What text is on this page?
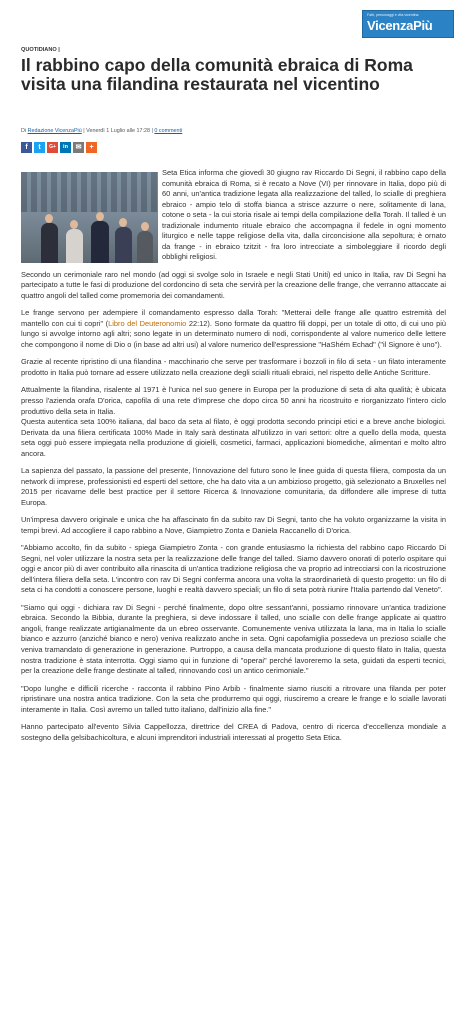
Fatti, personaggi e vita vicentina
VicenzaPiù
QUOTIDIANO |
Il rabbino capo della comunità ebraica di Roma visita una filandina restaurata nel vicentino
Di Redazione VicenzaPiù | Venerdì 1 Luglio alle 17:28 | 0 commenti
f	t	G+	in	✉	+

Seta Etica informa che giovedì 30 giugno rav Riccardo Di Segni, il rabbino capo della comunità ebraica di Roma, si è recato a Nove (VI) per rinnovare in Italia, dopo più di 60 anni, un'antica tradizione legata alla realizzazione del talled, lo scialle di preghiera ebraico - ampio telo di stoffa bianca a strisce azzurre o nere, solitamente di lana, cotone o seta - la cui storia risale ai tempi della compilazione della Torah. Il talled è un tradizionale indumento rituale ebraico che accompagna il fedele in ogni momento liturgico e nelle tappe religiose della vita, dalla circoncisione alla sepoltura; è ornato da frange - in ebraico tzitzit - fra loro intrecciate a simboleggiare il ricordo degli obblighi religiosi.

Secondo un cerimoniale raro nel mondo (ad oggi si svolge solo in Israele e negli Stati Uniti) ed unico in Italia, rav Di Segni ha partecipato a tutte le fasi di produzione del cordoncino di seta che servirà per la creazione delle frange, che verranno attaccate ai quattro angoli del talled come promemoria dei comandamenti.

Le frange servono per adempiere il comandamento espresso dalla Torah: "Metterai delle frange alle quattro estremità del mantello con cui ti copri" (Libro del Deuteronomio 22:12). Sono formate da quattro fili doppi, per un totale di otto, di cui uno più lungo si avvolge intorno agli altri; sono legate in un determinato numero di nodi, corrispondente al valore numerico delle lettere che compongono il nome di Dio o (in base ad altri usi) al valore numerico dell'espressione "HaShém Echad" ("il Signore è uno").

Grazie al recente ripristino di una filandina - macchinario che serve per trasformare i bozzoli in filo di seta - un filato interamente prodotto in Italia può tornare ad essere utilizzato nella creazione degli scialli rituali ebraici, nel rispetto delle Antiche Scritture.

Attualmente la filandina, risalente al 1971 è l'unica nel suo genere in Europa per la produzione di seta di alta qualità; è ubicata presso l'azienda orafa D'orica, capofila di una rete d'imprese che dopo circa 50 anni ha ricostruito e riorganizzato l'intero ciclo produttivo della seta in Italia.

Questa autentica seta 100% italiana, dal baco da seta al filato, è oggi prodotta secondo principi etici e a breve anche biologici. Derivata da una filiera certificata 100% Made in Italy sarà destinata all'utilizzo in vari settori: oltre a quello della moda, questa seta oggi può essere impiegata nella produzione di gioielli, cosmetici, farmaci, applicazioni biomediche, alimentari e molto altro ancora.

La sapienza del passato, la passione del presente, l'innovazione del futuro sono le linee guida di questa filiera, composta da un network di imprese, professionisti ed esperti del settore, che ha dato vita a un ambizioso progetto, già selezionato a Bruxelles nel 2015 per ricavarne delle best practice per il settore Ricerca & Innovazione comunitaria, da diffondere alle imprese di tutta Europa.

Un'impresa davvero originale e unica che ha affascinato fin da subito rav Di Segni, tanto che ha voluto organizzarne la visita in tempi brevi. Ad accogliere il capo rabbino a Nove, Giampietro Zonta e Daniela Raccanello di D'orica.

"Abbiamo accolto, fin da subito - spiega Giampietro Zonta - con grande entusiasmo la richiesta del rabbino capo Riccardo Di Segni, nel voler utilizzare la nostra seta per la realizzazione delle frange del talled. Siamo davvero onorati di poterlo ospitare qui oggi e ancor più di aver contribuito alla rinascita di un'antica tradizione religiosa che va proprio ad intrecciarsi con la ricostruzione dell'intera filiera della seta. L'incontro con rav Di Segni conferma ancora una volta la straordinarietà di questo progetto: un filo di seta ci ha condotti a conoscere persone, luoghi e realtà davvero speciali; un filo di seta potrà riunire l'Italia partendo dal Veneto".

"Siamo qui oggi - dichiara rav Di Segni - perché finalmente, dopo oltre sessant'anni, possiamo rinnovare un'antica tradizione ebraica. Secondo la Bibbia, durante la preghiera, si deve indossare il talled, uno scialle con delle frange applicate ai quattro angoli, frange realizzate artigianalmente da un ebreo osservante. Comunemente veniva utilizzata la lana, ma in Italia lo scialle bianco e azzurro (anziché bianco e nero) veniva realizzato anche in seta. Ogni capofamiglia possedeva un prezioso scialle che veniva tramandato di generazione in generazione. Purtroppo, a causa della mancata produzione di questo filato in Italia, questa nostra tradizione è stata interrotta. Oggi siamo qui in funzione di "operai" perché lavoreremo la seta, guidati da esperti tecnici, per la creazione delle frange destinate al talled, rinnovando così un antico cerimoniale."

"Dopo lunghe e difficili ricerche - racconta il rabbino Pino Arbib - finalmente siamo riusciti a ritrovare una filanda per poter ripristinare una nostra antica tradizione. Con la seta che produrremo qui oggi, riusciremo a creare le frange e lo scialle lavorati interamente in Italia. Così avremo un talled tutto italiano, dall'inizio alla fine."

Hanno partecipato all'evento Silvia Cappellozza, direttrice del CREA di Padova, centro di ricerca d'eccellenza mondiale a sostegno della gelsibachicoltura, e alcuni imprenditori industriali interessati al progetto Seta Etica.
